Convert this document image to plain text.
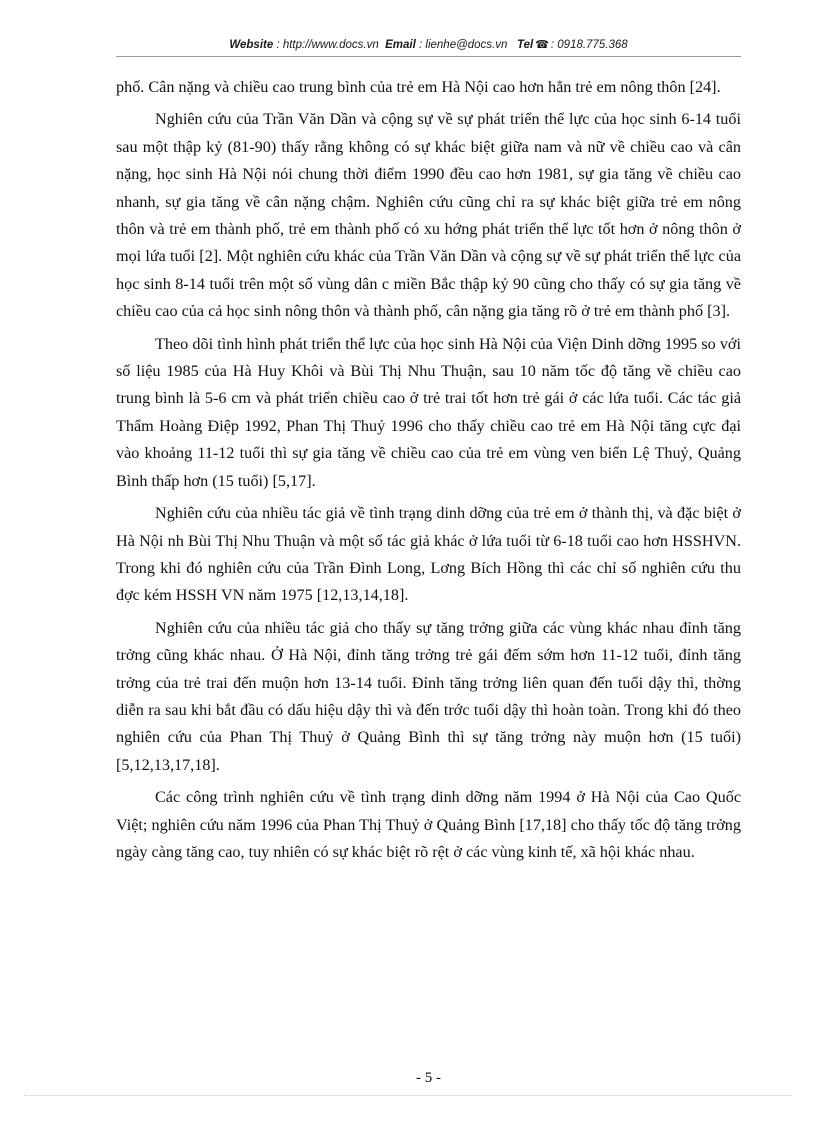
Website : http://www.docs.vn Email : lienhe@docs.vn Tel ☎ : 0918.775.368

phố. Cân nặng và chiều cao trung bình của trẻ em Hà Nội cao hơn hẳn trẻ em nông thôn [24].

Nghiên cứu của Trần Văn Dần và cộng sự về sự phát triển thể lực của học sinh 6-14 tuổi sau một thập kỷ (81-90) thấy rằng không có sự khác biệt giữa nam và nữ về chiều cao và cân nặng, học sinh Hà Nội nói chung thời điểm 1990 đều cao hơn 1981, sự gia tăng về chiều cao nhanh, sự gia tăng về cân nặng chậm. Nghiên cứu cũng chỉ ra sự khác biệt giữa trẻ em nông thôn và trẻ em thành phố, trẻ em thành phố có xu hớng phát triển thể lực tốt hơn ở nông thôn ở mọi lứa tuổi [2]. Một nghiên cứu khác của Trần Văn Dần và cộng sự về sự phát triển thể lực của học sinh 8-14 tuổi trên một số vùng dân c miền Bắc thập kỷ 90 cũng cho thấy có sự gia tăng về chiều cao của cả học sinh nông thôn và thành phố, cân nặng gia tăng rõ ở trẻ em thành phố [3].

Theo dõi tình hình phát triển thể lực của học sinh Hà Nội của Viện Dinh dỡng 1995 so với số liệu 1985 của Hà Huy Khôi và Bùi Thị Nhu Thuận, sau 10 năm tốc độ tăng về chiều cao trung bình là 5-6 cm và phát triển chiều cao ở trẻ trai tốt hơn trẻ gái ở các lứa tuổi. Các tác giả Thẩm Hoàng Điệp 1992, Phan Thị Thuỷ 1996 cho thấy chiều cao trẻ em Hà Nội tăng cực đại vào khoảng 11-12 tuổi thì sự gia tăng về chiều cao của trẻ em vùng ven biển Lệ Thuỷ, Quảng Bình thấp hơn (15 tuổi) [5,17].

Nghiên cứu của nhiều tác giả về tình trạng dinh dỡng của trẻ em ở thành thị, và đặc biệt ở Hà Nội nh Bùi Thị Nhu Thuận và một số tác giả khác ở lứa tuổi từ 6-18 tuổi cao hơn HSSHVN. Trong khi đó nghiên cứu của Trần Đình Long, Lơng Bích Hồng thì các chỉ số nghiên cứu thu đợc kém HSSH VN năm 1975 [12,13,14,18].

Nghiên cứu của nhiều tác giả cho thấy sự tăng trởng giữa các vùng khác nhau đỉnh tăng trởng cũng khác nhau. Ở Hà Nội, đỉnh tăng trởng trẻ gái đếm sớm hơn 11-12 tuổi, đỉnh tăng trởng của trẻ trai đến muộn hơn 13-14 tuổi. Đỉnh tăng trởng liên quan đến tuổi dậy thì, thờng diễn ra sau khi bắt đầu có dấu hiệu dậy thì và đến trớc tuổi dậy thì hoàn toàn. Trong khi đó theo nghiên cứu của Phan Thị Thuỷ ở Quảng Bình thì sự tăng trởng này muộn hơn (15 tuổi) [5,12,13,17,18].

Các công trình nghiên cứu về tình trạng dinh dỡng năm 1994 ở Hà Nội của Cao Quốc Việt; nghiên cứu năm 1996 của Phan Thị Thuỷ ở Quảng Bình [17,18] cho thấy tốc độ tăng trởng ngày càng tăng cao, tuy nhiên có sự khác biệt rõ rệt ở các vùng kinh tế, xã hội khác nhau.

- 5 -
